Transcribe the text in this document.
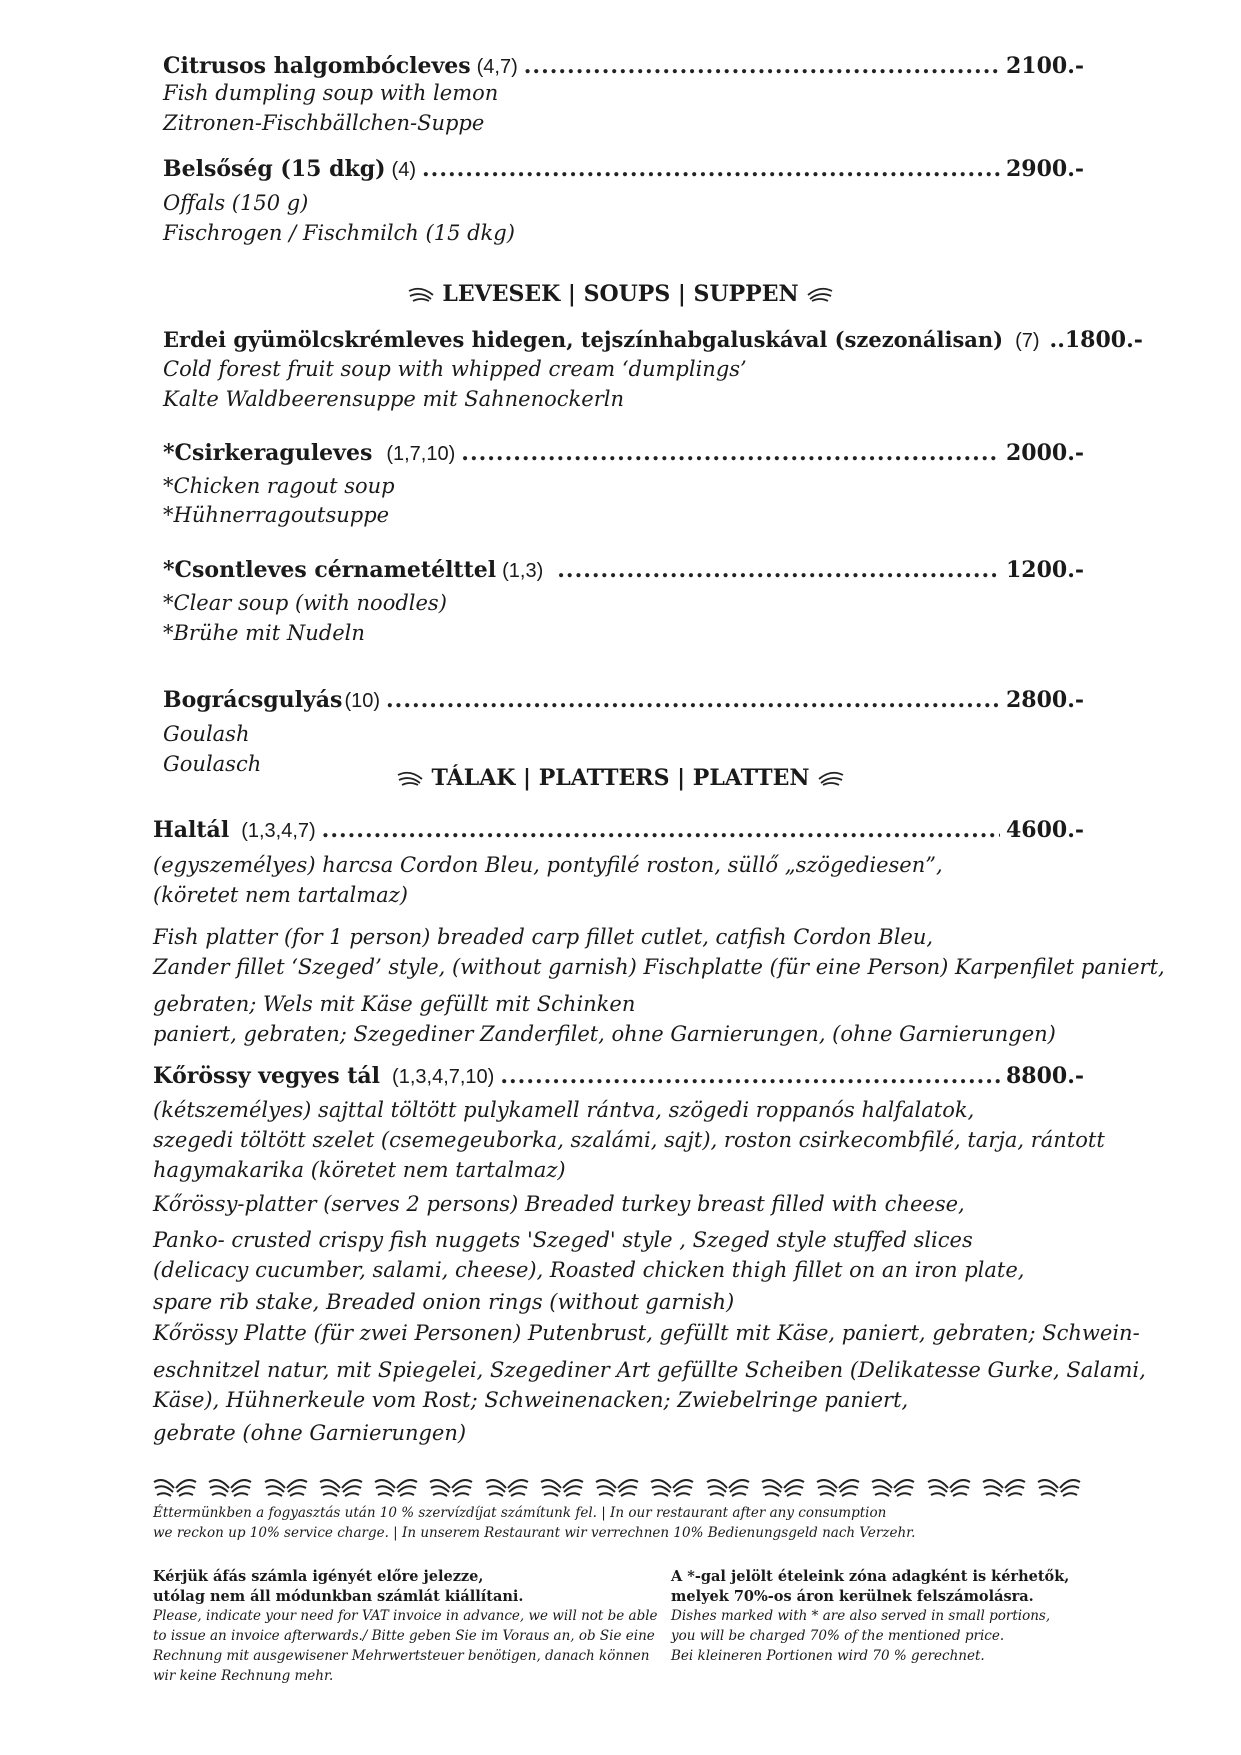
Citrusos halgombócleves (4,7) .....	2100.-
Fish dumpling soup with lemon
Zitronen-Fischbällchen-Suppe
Belsőség (15 dkg) (4) .....	2900.-
Offals (150 g)
Fischrogen / Fischmilch (15 dkg)
LEVESEK | SOUPS | SUPPEN
Erdei gyümölcskrémleves hidegen, tejszínhabgaluskával (szezonálisan) (7) ..1800.-
Cold forest fruit soup with whipped cream ‘dumplings’
Kalte Waldbeerensuppe mit Sahnenockerln
*Csirkeraguleves (1,7,10) .....	2000.-
*Chicken ragout soup
*Hühnerragoutsuppe
*Csontleves cérnametélttel (1,3) .....	1200.-
*Clear soup (with noodles)
*Brühe mit Nudeln
Bográcsgulyás (10) .....	2800.-
Goulash
Goulasch
TÁLAK | PLATTERS | PLATTEN
Haltál (1,3,4,7) .....	4600.-
(egyszemélyes) harcsa Cordon Bleu, pontyfilé roston, süllő „szögediesen”,
(köretet nem tartalmaz)
Fish platter (for 1 person) breaded carp fillet cutlet, catfish Cordon Bleu,
Zander fillet ‘Szeged’ style, (without garnish) Fischplatte (für eine Person) Karpenfilet paniert,
gebraten; Wels mit Käse gefüllt mit Schinken
paniert, gebraten; Szegediner Zanderfilet, ohne Garnierungen, (ohne Garnierungen)
Kőrössy vegyes tál (1,3,4,7,10) .....	8800.-
(kétszemélyes) sajttal töltött pulykamell rántva, szögedi roppanós halfalatok,
szegedi töltött szelet (csemegeuborka, szalámi, sajt), roston csirkecombfilé, tarja, rántott
hagymakarika (köretet nem tartalmaz)
Kőrössy-platter (serves 2 persons) Breaded turkey breast filled with cheese,
Panko- crusted crispy fish nuggets 'Szeged' style , Szeged style stuffed slices
(delicacy cucumber, salami, cheese), Roasted chicken thigh fillet on an iron plate,
spare rib stake, Breaded onion rings (without garnish)
Kőrössy Platte (für zwei Personen) Putenbrust, gefüllt mit Käse, paniert, gebraten; Schwein-
eschnitzel natur, mit Spiegelei, Szegediner Art gefüllte Scheiben (Delikatesse Gurke, Salami,
Käse), Hühnerkeule vom Rost; Schweinenacken; Zwiebelringe paniert,
gebrate (ohne Garnierungen)
Éttermünkben a fogyasztás után 10 % szervízdíjat számítunk fel. | In our restaurant after any consumption
we reckon up 10% service charge. | In unserem Restaurant wir verrechnen 10% Bedienungsgeld nach Verzehr.
Kérjük áfás számla igényét előre jelezze,
utólag nem áll módunkban számlát kiállítani.
Please, indicate your need for VAT invoice in advance, we will not be able
to issue an invoice afterwards./ Bitte geben Sie im Voraus an, ob Sie eine
Rechnung mit ausgewisener Mehrwertsteuer benötigen, danach können
wir keine Rechnung mehr.
A *-gal jelölt ételeink zóna adagként is kérhetők,
melyek 70%-os áron kerülnek felszámolásra.
Dishes marked with * are also served in small portions,
you will be charged 70% of the mentioned price.
Bei kleineren Portionen wird 70 % gerechnet.
